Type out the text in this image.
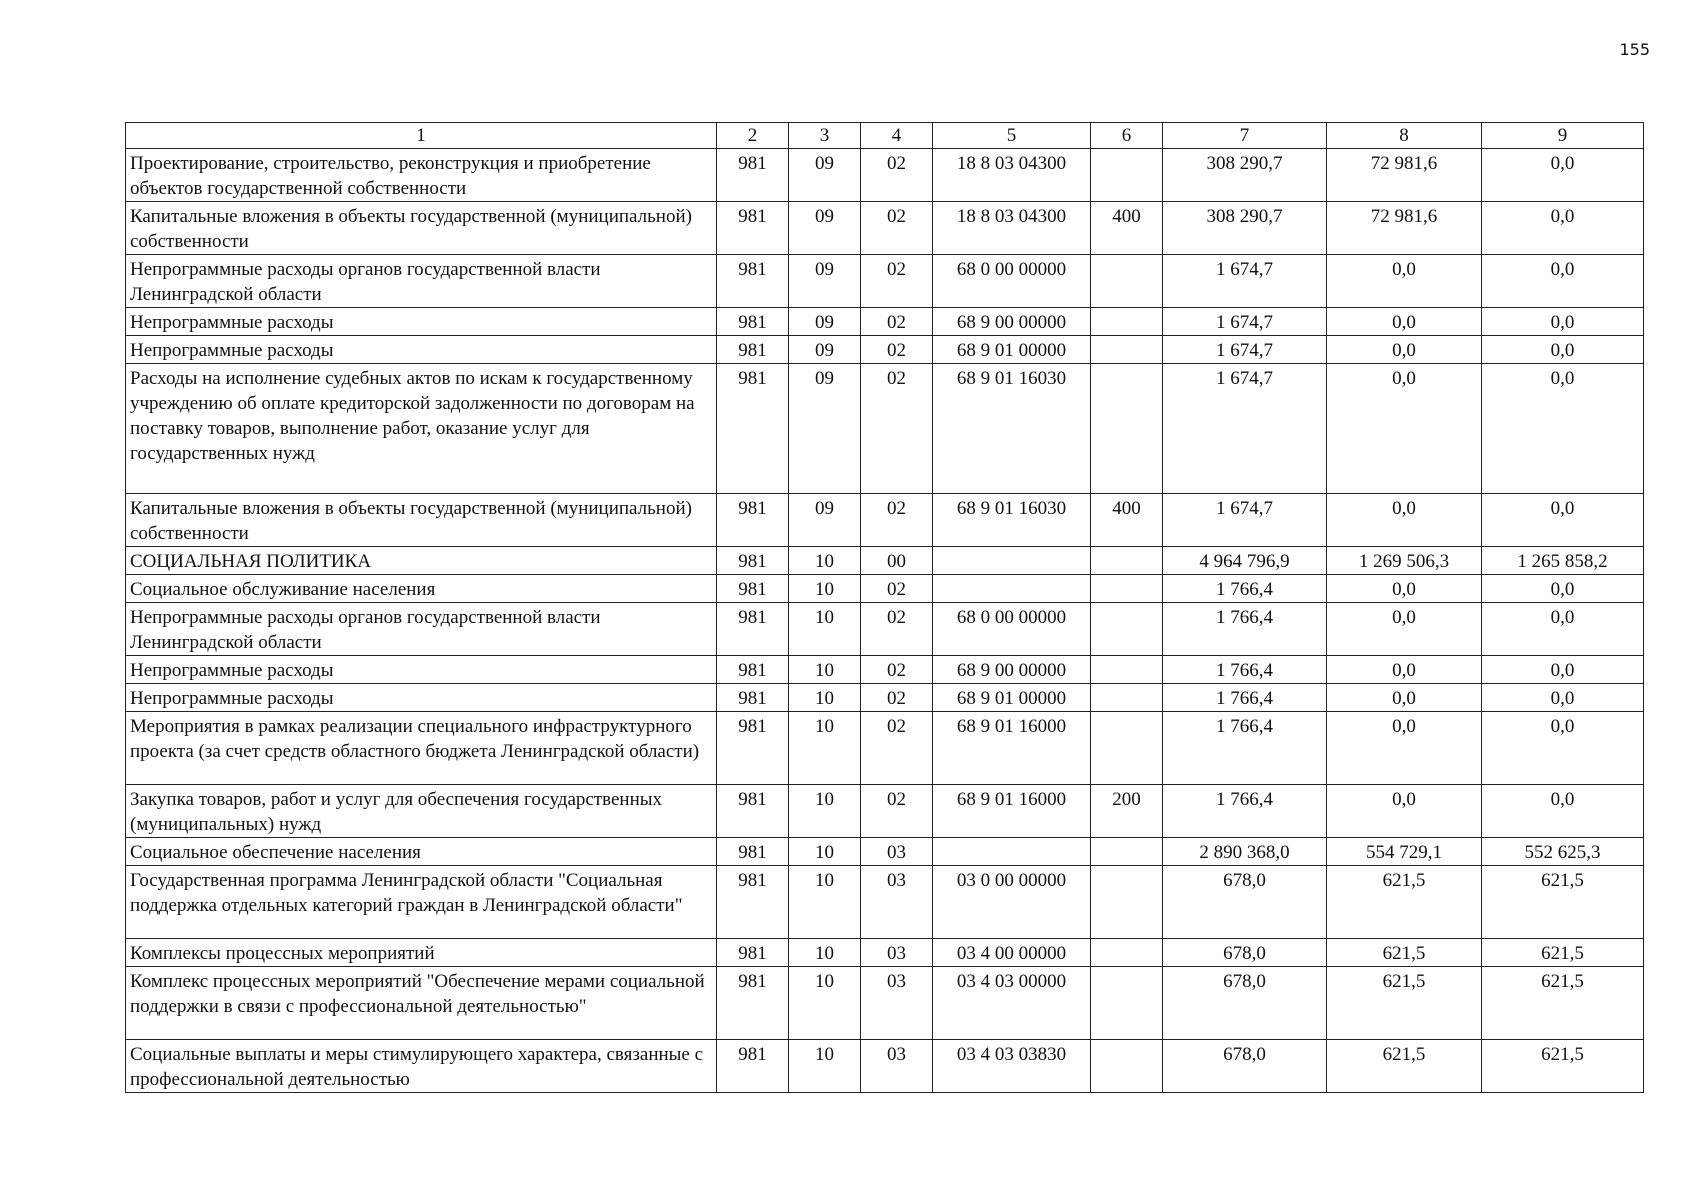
155
1	2	3	4	5	6	7	8	9
Проектирование, строительство, реконструкция и приобретение объектов государственной собственности	981	09	02	18 8 03 04300		308 290,7	72 981,6	0,0
Капитальные вложения в объекты государственной (муниципальной) собственности	981	09	02	18 8 03 04300	400	308 290,7	72 981,6	0,0
Непрограммные расходы органов государственной власти Ленинградской области	981	09	02	68 0 00 00000		1 674,7	0,0	0,0
Непрограммные расходы	981	09	02	68 9 00 00000		1 674,7	0,0	0,0
Непрограммные расходы	981	09	02	68 9 01 00000		1 674,7	0,0	0,0
Расходы на исполнение судебных актов по искам к государственному учреждению об оплате кредиторской задолженности по договорам на поставку товаров, выполнение работ, оказание услуг для государственных нужд	981	09	02	68 9 01 16030		1 674,7	0,0	0,0
Капитальные вложения в объекты государственной (муниципальной) собственности	981	09	02	68 9 01 16030	400	1 674,7	0,0	0,0
СОЦИАЛЬНАЯ ПОЛИТИКА	981	10	00			4 964 796,9	1 269 506,3	1 265 858,2
Социальное обслуживание населения	981	10	02			1 766,4	0,0	0,0
Непрограммные расходы органов государственной власти Ленинградской области	981	10	02	68 0 00 00000		1 766,4	0,0	0,0
Непрограммные расходы	981	10	02	68 9 00 00000		1 766,4	0,0	0,0
Непрограммные расходы	981	10	02	68 9 01 00000		1 766,4	0,0	0,0
Мероприятия в рамках реализации специального инфраструктурного проекта (за счет средств областного бюджета Ленинградской области)	981	10	02	68 9 01 16000		1 766,4	0,0	0,0
Закупка товаров, работ и услуг для обеспечения государственных (муниципальных) нужд	981	10	02	68 9 01 16000	200	1 766,4	0,0	0,0
Социальное обеспечение населения	981	10	03			2 890 368,0	554 729,1	552 625,3
Государственная программа Ленинградской области "Социальная поддержка отдельных категорий граждан в Ленинградской области"	981	10	03	03 0 00 00000		678,0	621,5	621,5
Комплексы процессных мероприятий	981	10	03	03 4 00 00000		678,0	621,5	621,5
Комплекс процессных мероприятий "Обеспечение мерами социальной поддержки в связи с профессиональной деятельностью"	981	10	03	03 4 03 00000		678,0	621,5	621,5
Социальные выплаты и меры стимулирующего характера, связанные с профессиональной деятельностью	981	10	03	03 4 03 03830		678,0	621,5	621,5
